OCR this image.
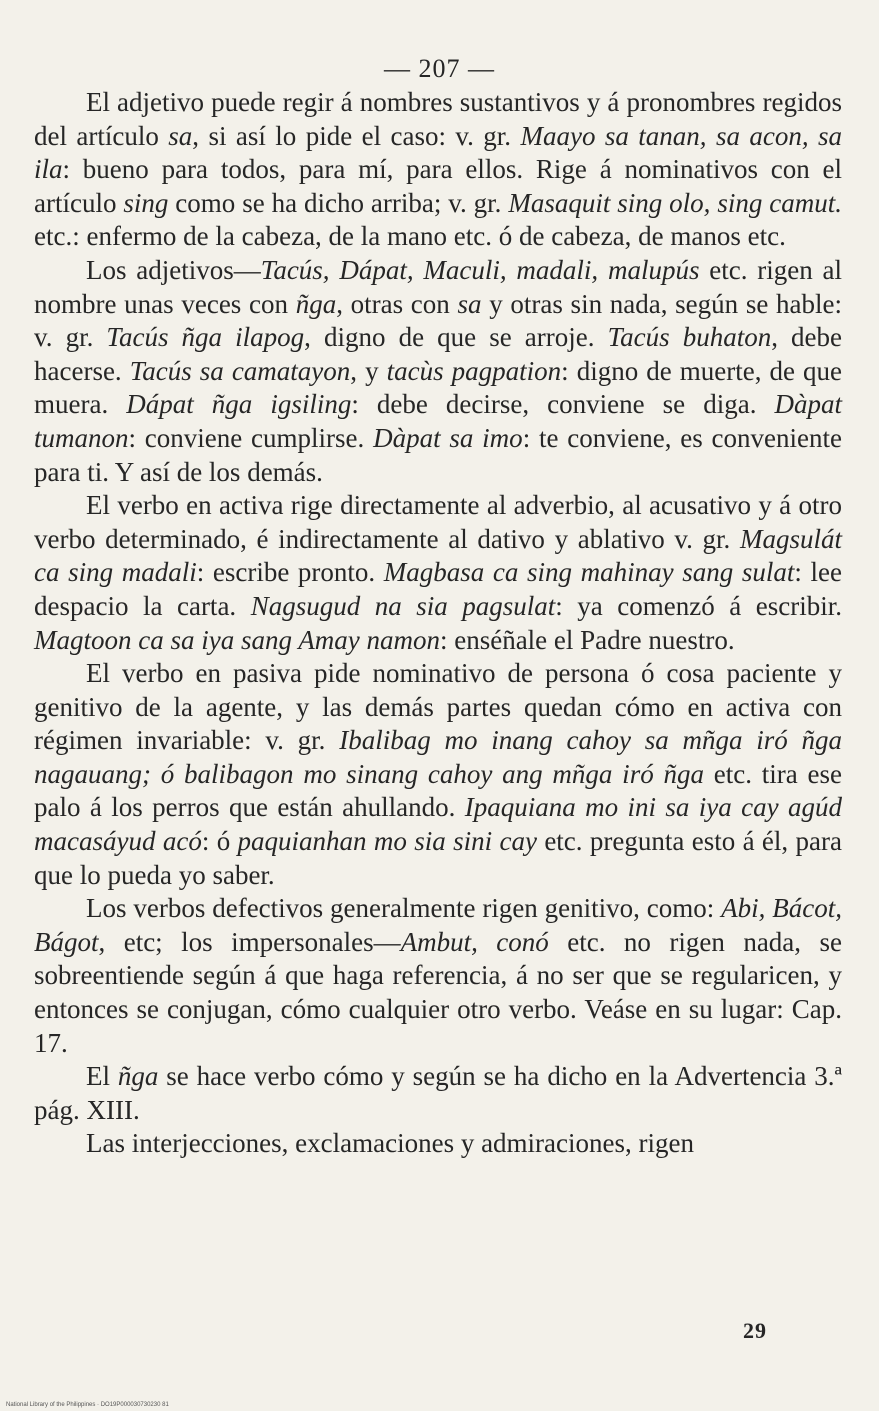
— 207 —

El adjetivo puede regir á nombres sustantivos y á pronombres regidos del artículo sa, si así lo pide el caso: v. gr. Maayo sa tanan, sa acon, sa ila: bueno para todos, para mí, para ellos. Rige á nominativos con el artículo sing como se ha dicho arriba; v. gr. Masaquit sing olo, sing camut. etc.: enfermo de la cabeza, de la mano etc. ó de cabeza, de manos etc.

Los adjetivos—Tacús, Dápat, Maculi, madali, malupús etc. rigen al nombre unas veces con ñga, otras con sa y otras sin nada, según se hable: v. gr. Tacús ñga ilapog, digno de que se arroje. Tacús buhaton, debe hacerse. Tacús sa camatayon, y tacùs pagpation: digno de muerte, de que muera. Dápat ñga igsiling: debe decirse, conviene se diga. Dàpat tumanon: conviene cumplirse. Dàpat sa imo: te conviene, es conveniente para ti. Y así de los demás.

El verbo en activa rige directamente al adverbio, al acusativo y á otro verbo determinado, é indirectamente al dativo y ablativo v. gr. Magsulát ca sing madali: escribe pronto. Magbasa ca sing mahinay sang sulat: lee despacio la carta. Nagsugud na sia pagsulat: ya comenzó á escribir. Magtoon ca sa iya sang Amay namon: enséñale el Padre nuestro.

El verbo en pasiva pide nominativo de persona ó cosa paciente y genitivo de la agente, y las demás partes quedan cómo en activa con régimen invariable: v. gr. Ibalibag mo inang cahoy sa mñga iró ñga nagauang; ó balibagon mo sinang cahoy ang mñga iró ñga etc. tira ese palo á los perros que están ahullando. Ipaquiana mo ini sa iya cay agúd macasáyud acó: ó paquianhan mo sia sini cay etc. pregunta esto á él, para que lo pueda yo saber.

Los verbos defectivos generalmente rigen genitivo, como: Abi, Bácot, Bágot, etc; los impersonales—Ambut, conó etc. no rigen nada, se sobreentiende según á que haga referencia, á no ser que se regularicen, y entonces se conjugan, cómo cualquier otro verbo. Veáse en su lugar: Cap. 17.

El ñga se hace verbo cómo y según se ha dicho en la Advertencia 3.ª pág. XIII.

Las interjecciones, exclamaciones y admiraciones, rigen

29
National Library of the Philippines · DO19P000030730230 81
